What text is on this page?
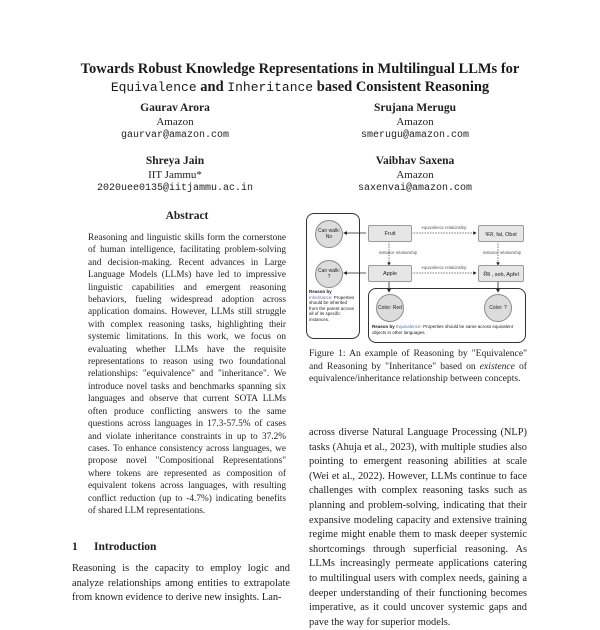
Towards Robust Knowledge Representations in Multilingual LLMs for
Equivalence and Inheritance based Consistent Reasoning
Gaurav Arora
Amazon
gaurvar@amazon.com
Srujana Merugu
Amazon
smerugu@amazon.com
Shreya Jain
IIT Jammu*
2020uee0135@iitjammu.ac.in
Vaibhav Saxena
Amazon
saxenvai@amazon.com
Abstract
Reasoning and linguistic skills form the cornerstone of human intelligence, facilitating problem-solving and decision-making. Recent advances in Large Language Models (LLMs) have led to impressive linguistic capabilities and emergent reasoning behaviors, fueling widespread adoption across application domains. However, LLMs still struggle with complex reasoning tasks, highlighting their systemic limitations. In this work, we focus on evaluating whether LLMs have the requisite representations to reason using two foundational relationships: "equivalence" and "inheritance". We introduce novel tasks and benchmarks spanning six languages and observe that current SOTA LLMs often produce conflicting answers to the same questions across languages in 17.3-57.5% of cases and violate inheritance constraints in up to 37.2% cases. To enhance consistency across languages, we propose novel "Compositional Representations" where tokens are represented as composition of equivalent tokens across languages, with resulting conflict reduction (up to -4.7%) indicating benefits of shared LLM representations.
1 Introduction
Reasoning is the capacity to employ logic and analyze relationships among entities to extrapolate from known evidence to derive new insights. Lan-
Can walk: No
Can walk: ?
Fruit	फल, fal, Obst
Apple	सेब , seb, Apfel
equivalence relationship
equivalence relationship
instance relationship	instance relationship
Color: Red	Color: ?
Reason by
Inheritance: Properties should be inherited from the parent across all of its specific instances.
Reason by Equivalence: Properties should be same across equivalent objects in other languages.
Figure 1: An example of Reasoning by "Equivalence" and Reasoning by "Inheritance" based on existence of equivalence/inheritance relationship between concepts.
across diverse Natural Language Processing (NLP) tasks (Ahuja et al., 2023), with multiple studies also pointing to emergent reasoning abilities at scale (Wei et al., 2022). However, LLMs continue to face challenges with complex reasoning tasks such as planning and problem-solving, indicating that their expansive modeling capacity and extensive training regime might enable them to mask deeper systemic shortcomings through superficial reasoning. As LLMs increasingly permeate applications catering to multilingual users with complex needs, gaining a deeper understanding of their functioning becomes imperative, as it could uncover systemic gaps and pave the way for superior models.
